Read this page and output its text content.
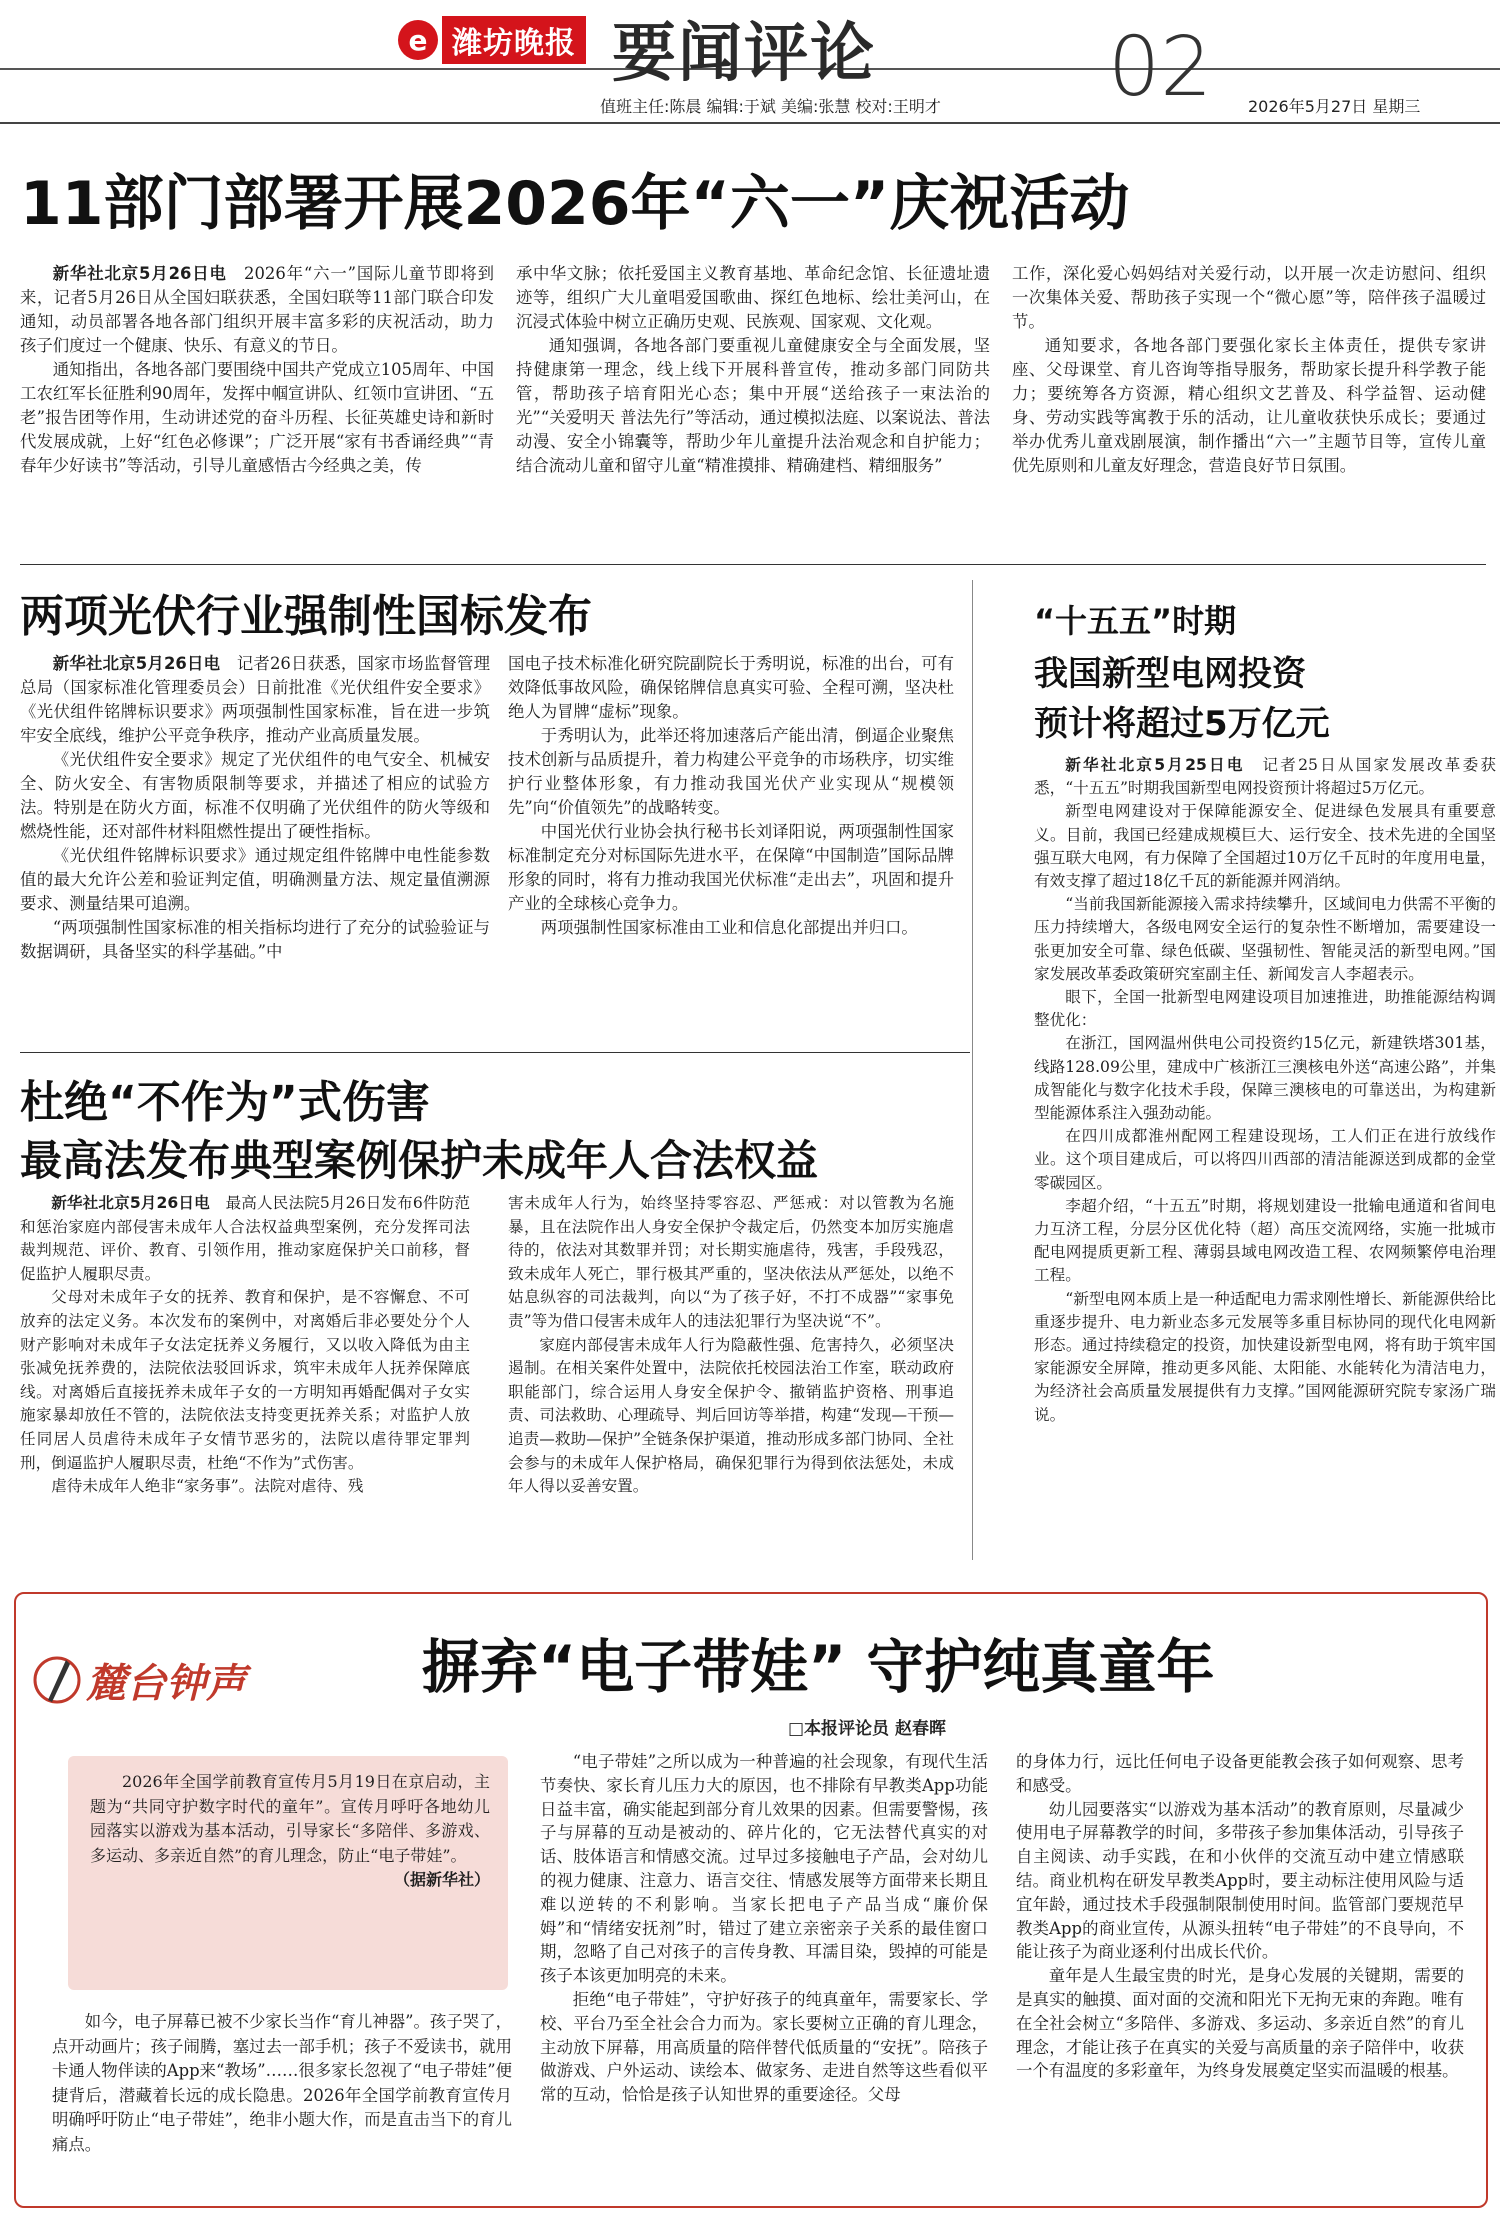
e 潍坊晚报 要闻评论	02
值班主任:陈晨 编辑:于斌 美编:张慧 校对:王明才	2026年5月27日 星期三
11部门部署开展2026年“六一”庆祝活动

新华社北京5月26日电　 2026年“六一”国际儿童节即将到来，记者5月26日从全国妇联获悉，全国妇联等11部门联合印发通知，动员部署各地各部门组织开展丰富多彩的庆祝活动，助力孩子们度过一个健康、快乐、有意义的节日。

通知指出，各地各部门要围绕中国共产党成立105周年、中国工农红军长征胜利90周年，发挥中帼宣讲队、红领巾宣讲团、“五老”报告团等作用，生动讲述党的奋斗历程、长征英雄史诗和新时代发展成就，上好“红色必修课”；广泛开展“家有书香诵经典”“青春年少好读书”等活动，引导儿童感悟古今经典之美，传

承中华文脉；依托爱国主义教育基地、革命纪念馆、长征遗址遗迹等，组织广大儿童唱爱国歌曲、探红色地标、绘壮美河山，在沉浸式体验中树立正确历史观、民族观、国家观、文化观。

通知强调，各地各部门要重视儿童健康安全与全面发展，坚持健康第一理念，线上线下开展科普宣传，推动多部门同防共管，帮助孩子培育阳光心态；集中开展“送给孩子一束法治的光”“关爱明天 普法先行”等活动，通过模拟法庭、以案说法、普法动漫、安全小锦囊等，帮助少年儿童提升法治观念和自护能力；结合流动儿童和留守儿童“精准摸排、精确建档、精细服务”

工作，深化爱心妈妈结对关爱行动，以开展一次走访慰问、组织一次集体关爱、帮助孩子实现一个“微心愿”等，陪伴孩子温暖过节。

通知要求，各地各部门要强化家长主体责任，提供专家讲座、父母课堂、育儿咨询等指导服务，帮助家长提升科学教子能力；要统筹各方资源，精心组织文艺普及、科学益智、运动健身、劳动实践等寓教于乐的活动，让儿童收获快乐成长；要通过举办优秀儿童戏剧展演，制作播出“六一”主题节目等，宣传儿童优先原则和儿童友好理念，营造良好节日氛围。

两项光伏行业强制性国标发布

新华社北京5月26日电　 记者26日获悉，国家市场监督管理总局（国家标准化管理委员会）日前批准《光伏组件安全要求》《光伏组件铭牌标识要求》两项强制性国家标准，旨在进一步筑牢安全底线，维护公平竞争秩序，推动产业高质量发展。

《光伏组件安全要求》规定了光伏组件的电气安全、机械安全、防火安全、有害物质限制等要求，并描述了相应的试验方法。特别是在防火方面，标准不仅明确了光伏组件的防火等级和燃烧性能，还对部件材料阻燃性提出了硬性指标。

《光伏组件铭牌标识要求》通过规定组件铭牌中电性能参数值的最大允许公差和验证判定值，明确测量方法、规定量值溯源要求、测量结果可追溯。

“两项强制性国家标准的相关指标均进行了充分的试验验证与数据调研，具备坚实的科学基础。”中

国电子技术标准化研究院副院长于秀明说，标准的出台，可有效降低事故风险，确保铭牌信息真实可验、全程可溯，坚决杜绝人为冒牌“虚标”现象。

于秀明认为，此举还将加速落后产能出清，倒逼企业聚焦技术创新与品质提升，着力构建公平竞争的市场秩序，切实维护行业整体形象，有力推动我国光伏产业实现从“规模领先”向“价值领先”的战略转变。

中国光伏行业协会执行秘书长刘译阳说，两项强制性国家标准制定充分对标国际先进水平，在保障“中国制造”国际品牌形象的同时，将有力推动我国光伏标准“走出去”，巩固和提升产业的全球核心竞争力。

两项强制性国家标准由工业和信息化部提出并归口。

“十五五”时期
我国新型电网投资
预计将超过5万亿元

新华社北京5月25日电　 记者25日从国家发展改革委获悉，“十五五”时期我国新型电网投资预计将超过5万亿元。

新型电网建设对于保障能源安全、促进绿色发展具有重要意义。目前，我国已经建成规模巨大、运行安全、技术先进的全国坚强互联大电网，有力保障了全国超过10万亿千瓦时的年度用电量，有效支撑了超过18亿千瓦的新能源并网消纳。

“当前我国新能源接入需求持续攀升，区域间电力供需不平衡的压力持续增大，各级电网安全运行的复杂性不断增加，需要建设一张更加安全可靠、绿色低碳、坚强韧性、智能灵活的新型电网。”国家发展改革委政策研究室副主任、新闻发言人李超表示。

眼下，全国一批新型电网建设项目加速推进，助推能源结构调整优化：

在浙江，国网温州供电公司投资约15亿元，新建铁塔301基，线路128.09公里，建成中广核浙江三澳核电外送“高速公路”，并集成智能化与数字化技术手段，保障三澳核电的可靠送出，为构建新型能源体系注入强劲动能。

在四川成都淮州配网工程建设现场，工人们正在进行放线作业。这个项目建成后，可以将四川西部的清洁能源送到成都的金堂零碳园区。

李超介绍，“十五五”时期，将规划建设一批输电通道和省间电力互济工程，分层分区优化特（超）高压交流网络，实施一批城市配电网提质更新工程、薄弱县域电网改造工程、农网频繁停电治理工程。

“新型电网本质上是一种适配电力需求刚性增长、新能源供给比重逐步提升、电力新业态多元发展等多重目标协同的现代化电网新形态。通过持续稳定的投资，加快建设新型电网，将有助于筑牢国家能源安全屏障，推动更多风能、太阳能、水能转化为清洁电力，为经济社会高质量发展提供有力支撑。”国网能源研究院专家汤广瑞说。

杜绝“不作为”式伤害
最高法发布典型案例保护未成年人合法权益

新华社北京5月26日电　 最高人民法院5月26日发布6件防范和惩治家庭内部侵害未成年人合法权益典型案例，充分发挥司法裁判规范、评价、教育、引领作用，推动家庭保护关口前移，督促监护人履职尽责。

父母对未成年子女的抚养、教育和保护，是不容懈怠、不可放弃的法定义务。本次发布的案例中，对离婚后非必要处分个人财产影响对未成年子女法定抚养义务履行，又以收入降低为由主张减免抚养费的，法院依法驳回诉求，筑牢未成年人抚养保障底线。对离婚后直接抚养未成年子女的一方明知再婚配偶对子女实施家暴却放任不管的，法院依法支持变更抚养关系；对监护人放任同居人员虐待未成年子女情节恶劣的，法院以虐待罪定罪判刑，倒逼监护人履职尽责，杜绝“不作为”式伤害。

虐待未成年人绝非“家务事”。法院对虐待、残

害未成年人行为，始终坚持零容忍、严惩戒：对以管教为名施暴，且在法院作出人身安全保护令裁定后，仍然变本加厉实施虐待的，依法对其数罪并罚；对长期实施虐待，残害，手段残忍，致未成年人死亡，罪行极其严重的，坚决依法从严惩处，以绝不姑息纵容的司法裁判，向以“为了孩子好，不打不成器”“家事免责”等为借口侵害未成年人的违法犯罪行为坚决说“不”。

家庭内部侵害未成年人行为隐蔽性强、危害持久，必须坚决遏制。在相关案件处置中，法院依托校园法治工作室，联动政府职能部门，综合运用人身安全保护令、撤销监护资格、刑事追责、司法救助、心理疏导、判后回访等举措，构建“发现—干预—追责—救助—保护”全链条保护渠道，推动形成多部门协同、全社会参与的未成年人保护格局，确保犯罪行为得到依法惩处，未成年人得以妥善安置。

麓台钟声	摒弃“电子带娃” 守护纯真童年
□本报评论员 赵春晖

2026年全国学前教育宣传月5月19日在京启动，主题为“共同守护数字时代的童年”。宣传月呼吁各地幼儿园落实以游戏为基本活动，引导家长“多陪伴、多游戏、多运动、多亲近自然”的育儿理念，防止“电子带娃”。

（据新华社）

如今，电子屏幕已被不少家长当作“育儿神器”。孩子哭了，点开动画片；孩子闹腾，塞过去一部手机；孩子不爱读书，就用卡通人物伴读的App来“教场”……很多家长忽视了“电子带娃”便捷背后，潜藏着长远的成长隐患。2026年全国学前教育宣传月明确呼吁防止“电子带娃”，绝非小题大作，而是直击当下的育儿痛点。

“电子带娃”之所以成为一种普遍的社会现象，有现代生活节奏快、家长育儿压力大的原因，也不排除有早教类App功能日益丰富，确实能起到部分育儿效果的因素。但需要警惕，孩子与屏幕的互动是被动的、碎片化的，它无法替代真实的对话、肢体语言和情感交流。过早过多接触电子产品，会对幼儿的视力健康、注意力、语言交往、情感发展等方面带来长期且难以逆转的不利影响。当家长把电子产品当成“廉价保姆”和“情绪安抚剂”时，错过了建立亲密亲子关系的最佳窗口期，忽略了自己对孩子的言传身教、耳濡目染，毁掉的可能是孩子本该更加明亮的未来。

拒绝“电子带娃”，守护好孩子的纯真童年，需要家长、学校、平台乃至全社会合力而为。家长要树立正确的育儿理念，主动放下屏幕，用高质量的陪伴替代低质量的“安抚”。陪孩子做游戏、户外运动、读绘本、做家务、走进自然等这些看似平常的互动，恰恰是孩子认知世界的重要途径。父母

的身体力行，远比任何电子设备更能教会孩子如何观察、思考和感受。

幼儿园要落实“以游戏为基本活动”的教育原则，尽量减少使用电子屏幕教学的时间，多带孩子参加集体活动，引导孩子自主阅读、动手实践，在和小伙伴的交流互动中建立情感联结。商业机构在研发早教类App时，要主动标注使用风险与适宜年龄，通过技术手段强制限制使用时间。监管部门要规范早教类App的商业宣传，从源头扭转“电子带娃”的不良导向，不能让孩子为商业逐利付出成长代价。

童年是人生最宝贵的时光，是身心发展的关键期，需要的是真实的触摸、面对面的交流和阳光下无拘无束的奔跑。唯有在全社会树立“多陪伴、多游戏、多运动、多亲近自然”的育儿理念，才能让孩子在真实的关爱与高质量的亲子陪伴中，收获一个有温度的多彩童年，为终身发展奠定坚实而温暖的根基。
